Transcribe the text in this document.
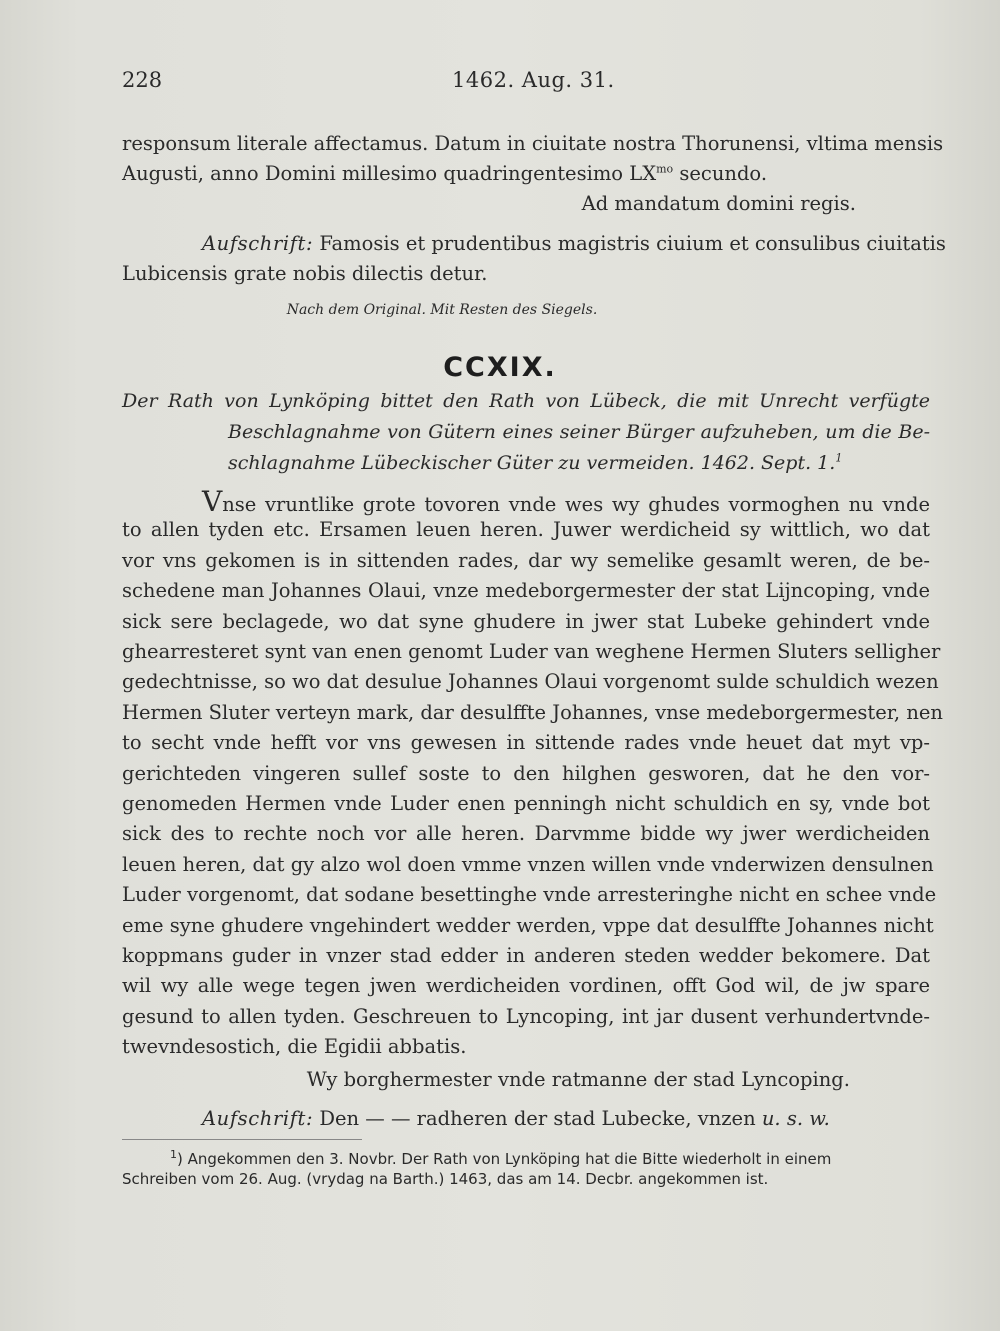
228	1462. Aug. 31.
responsum literale affectamus. Datum in ciuitate nostra Thorunensi, vltima mensis
Augusti, anno Domini millesimo quadringentesimo $LX^{mo}$ secundo.
Ad mandatum domini regis.
Aufschrift: Famosis et prudentibus magistris ciuium et consulibus ciuitatis
Lubicensis grate nobis dilectis detur.
Nach dem Original. Mit Resten des Siegels.
CCXIX.
Der Rath von Lynköping bittet den Rath von Lübeck, die mit Unrecht verfügte
Beschlagnahme von Gütern eines seiner Bürger aufzuheben, um die Be-
schlagnahme Lübeckischer Güter zu vermeiden. 1462. Sept. 1.$^1$
Vnse vruntlike grote tovoren vnde wes wy ghudes vormoghen nu vnde
to allen tyden etc. Ersamen leuen heren. Juwer werdicheid sy wittlich, wo dat
vor vns gekomen is in sittenden rades, dar wy semelike gesamlt weren, de be-
schedene man Johannes Olaui, vnze medeborgermester der stat Lijncoping, vnde
sick sere beclagede, wo dat syne ghudere in jwer stat Lubeke gehindert vnde
ghearresteret synt van enen genomt Luder van weghene Hermen Sluters selligher
gedechtnisse, so wo dat desulue Johannes Olaui vorgenomt sulde schuldich wezen
Hermen Sluter verteyn mark, dar desulffte Johannes, vnse medeborgermester, nen
to secht vnde hefft vor vns gewesen in sittende rades vnde heuet dat myt vp-
gerichteden vingeren sullef soste to den hilghen gesworen, dat he den vor-
genomeden Hermen vnde Luder enen penningh nicht schuldich en sy, vnde bot
sick des to rechte noch vor alle heren. Darvmme bidde wy jwer werdicheiden
leuen heren, dat gy alzo wol doen vmme vnzen willen vnde vnderwizen densulnen
Luder vorgenomt, dat sodane besettinghe vnde arresteringhe nicht en schee vnde
eme syne ghudere vngehindert wedder werden, vppe dat desulffte Johannes nicht
koppmans guder in vnzer stad edder in anderen steden wedder bekomere. Dat
wil wy alle wege tegen jwen werdicheiden vordinen, offt God wil, de jw spare
gesund to allen tyden. Geschreuen to Lyncoping, int jar dusent verhundertvnde-
twevndesostich, die Egidii abbatis.
Wy borghermester vnde ratmanne der stad Lyncoping.
Aufschrift: Den — — radheren der stad Lubecke, vnzen u. s. w.
$^1$) Angekommen den 3. Novbr. Der Rath von Lynköping hat die Bitte wiederholt in einem
Schreiben vom 26. Aug. (vrydag na Barth.) 1463, das am 14. Decbr. angekommen ist.
